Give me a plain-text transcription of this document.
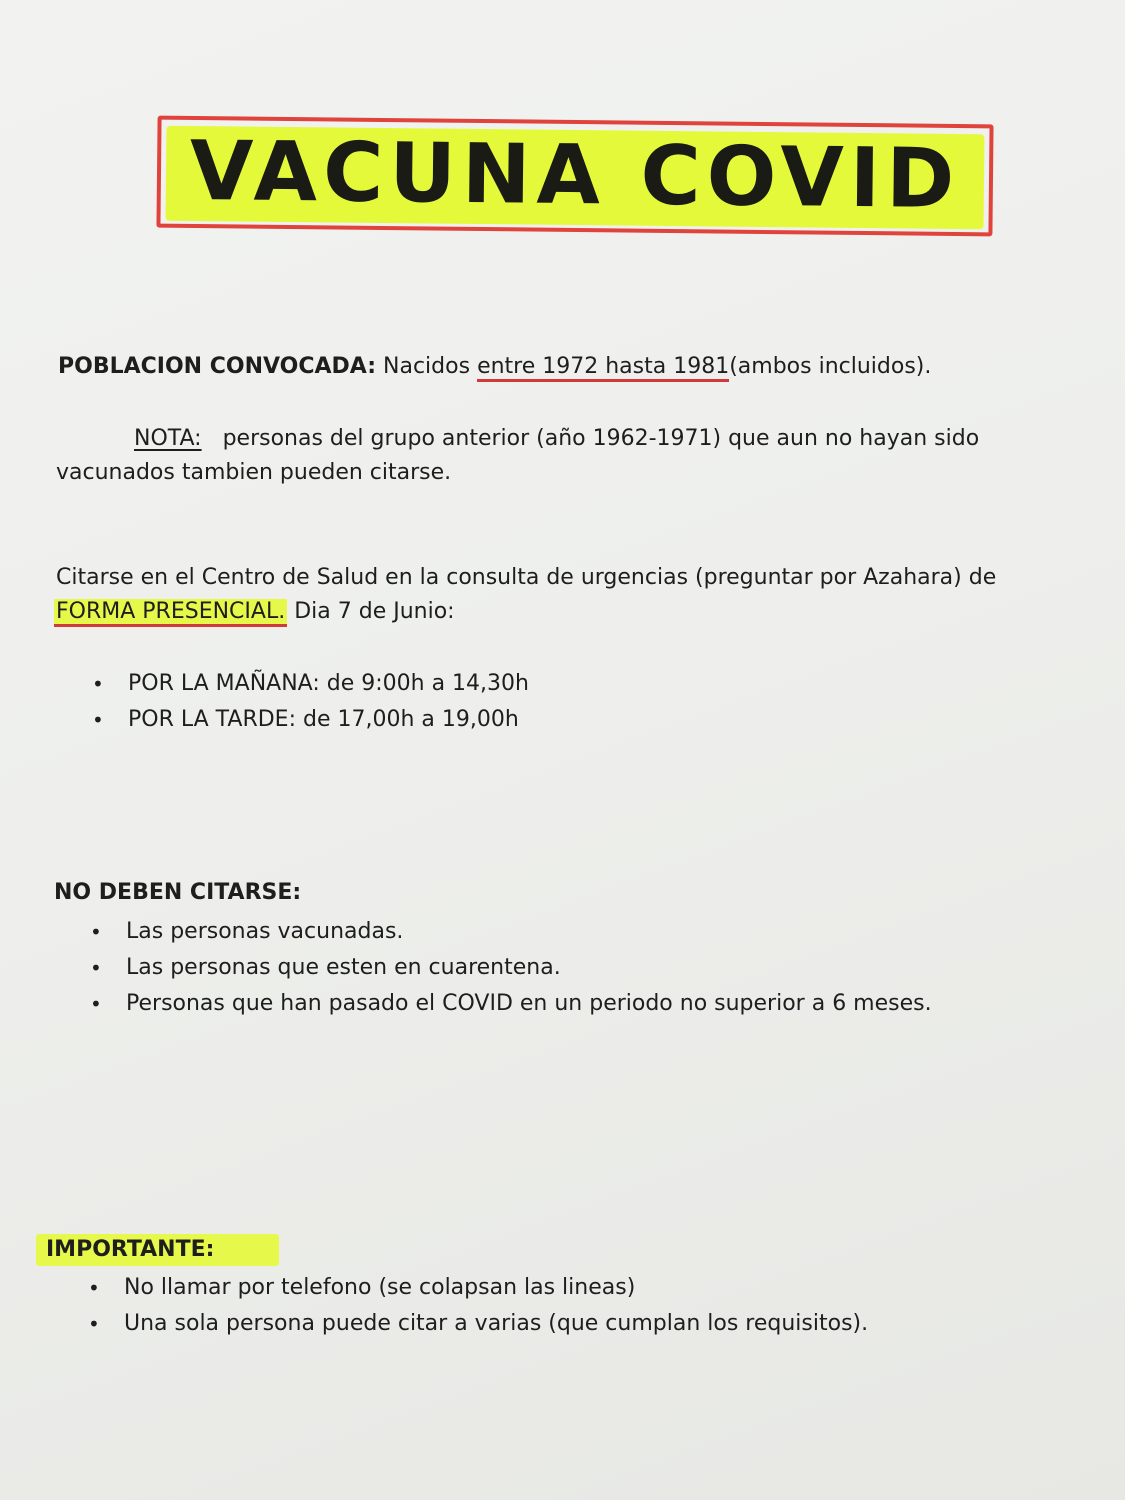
VACUNA COVID
POBLACION CONVOCADA: Nacidos entre 1972 hasta 1981(ambos incluidos).
NOTA: personas del grupo anterior (año 1962-1971) que aun no hayan sido
vacunados tambien pueden citarse.
Citarse en el Centro de Salud en la consulta de urgencias (preguntar por Azahara) de
FORMA PRESENCIAL. Dia 7 de Junio:
• POR LA MAÑANA: de 9:00h a 14,30h
• POR LA TARDE: de 17,00h a 19,00h
NO DEBEN CITARSE:
• Las personas vacunadas.
• Las personas que esten en cuarentena.
• Personas que han pasado el COVID en un periodo no superior a 6 meses.
IMPORTANTE:
• No llamar por telefono (se colapsan las lineas)
• Una sola persona puede citar a varias (que cumplan los requisitos).
